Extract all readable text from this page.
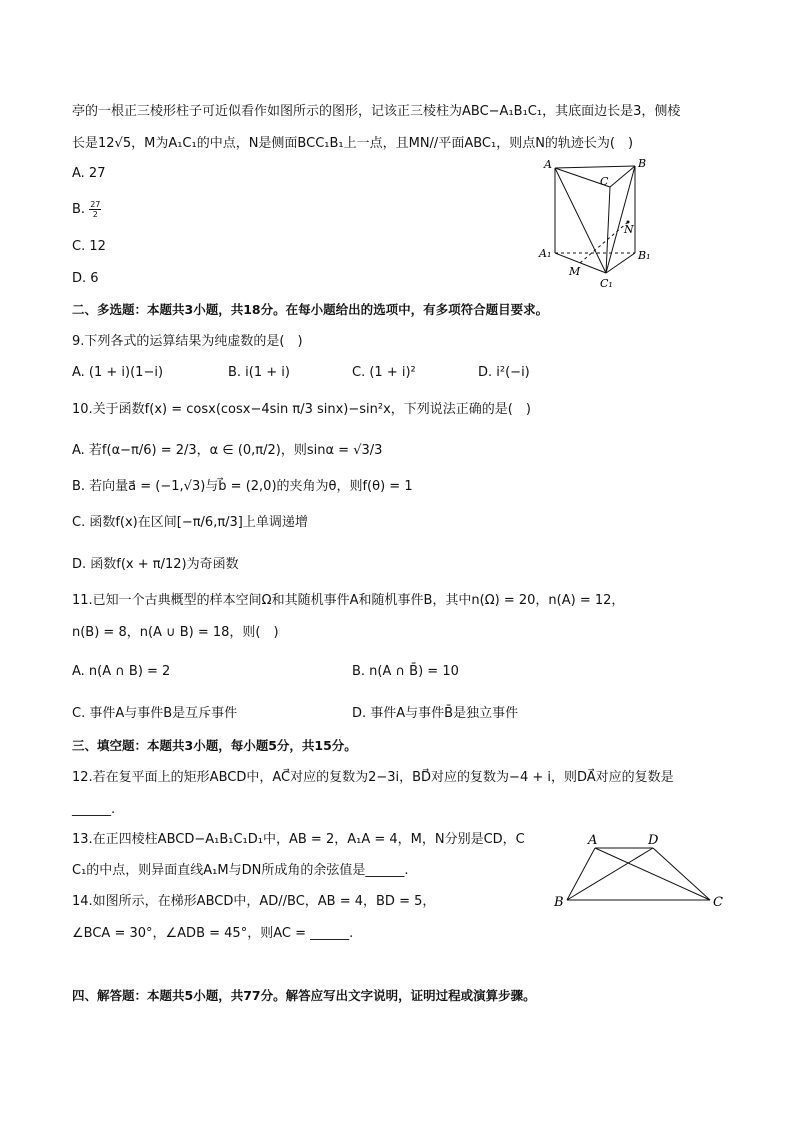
亭的一根正三棱形柱子可近似看作如图所示的图形，记该正三棱柱为ABC−A₁B₁C₁，其底面边长是3，侧棱
长是12√5，M为A₁C₁的中点，N是侧面BCC₁B₁上一点，且MN//平面ABC₁，则点N的轨迹长为(　)
A. 27
B. $\frac{27}{2}$
C. 12
D. 6
A	B
C
N
A₁	B₁
C₁
M
二、多选题：本题共3小题，共18分。在每小题给出的选项中，有多项符合题目要求。
9.下列各式的运算结果为纯虚数的是(　)
A. (1 + i)(1−i)	B. i(1 + i)	C. (1 + i)²	D. i²(−i)
10.关于函数f(x) = cosx(cosx−4sin π/3 sinx)−sin²x，下列说法正确的是(　)
A. 若f(α−π/6) = 2/3，α ∈ (0,π/2)，则sinα = √3/3
B. 若向量a⃗ = (−1,√3)与b⃗ = (2,0)的夹角为θ，则f(θ) = 1
C. 函数f(x)在区间[−π/6,π/3]上单调递增
D. 函数f(x + π/12)为奇函数
11.已知一个古典概型的样本空间Ω和其随机事件A和随机事件B，其中n(Ω) = 20，n(A) = 12，
n(B) = 8，n(A ∪ B) = 18，则(　)
A. n(A ∩ B) = 2	B. n(A ∩ B̄) = 10
C. 事件A与事件B是互斥事件	D. 事件A与事件B̄是独立事件
三、填空题：本题共3小题，每小题5分，共15分。
12.若在复平面上的矩形ABCD中，AC⃗对应的复数为2−3i，BD⃗对应的复数为−4 + i，则DA⃗对应的复数是
______.
13.在正四棱柱ABCD−A₁B₁C₁D₁中，AB = 2，A₁A = 4，M，N分别是CD，C
C₁的中点，则异面直线A₁M与DN所成角的余弦值是______.
14.如图所示，在梯形ABCD中，AD//BC，AB = 4，BD = 5，
∠BCA = 30°，∠ADB = 45°，则AC = ______.
A	D
B	C
四、解答题：本题共5小题，共77分。解答应写出文字说明，证明过程或演算步骤。
